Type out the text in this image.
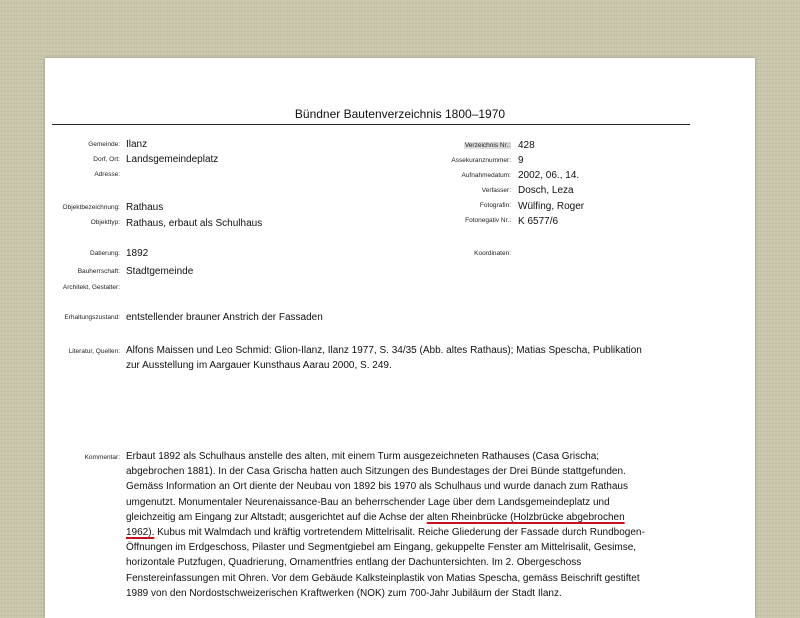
Bündner Bautenverzeichnis 1800–1970
Gemeinde: Ilanz
Dorf, Ort: Landsgemeindeplatz
Adresse:
Objektbezeichnung: Rathaus
Objekttyp: Rathaus, erbaut als Schulhaus
Datierung: 1892
Bauherrschaft: Stadtgemeinde
Architekt, Gestalter:
Erhaltungszustand: entstellender brauner Anstrich der Fassaden
Verzeichnis Nr.: 428
Assekuranznummer: 9
Aufnahmedatum: 2002, 06., 14.
Verfasser: Dosch, Leza
Fotografin: Wülfing, Roger
Fotonegativ Nr.: K 6577/6
Koordinaten:
Literatur, Quellen: Alfons Maissen und Leo Schmid: Glion-Ilanz, Ilanz 1977, S. 34/35 (Abb. altes Rathaus); Matias Spescha, Publikation
zur Ausstellung im Aargauer Kunsthaus Aarau 2000, S. 249.
Kommentar: Erbaut 1892 als Schulhaus anstelle des alten, mit einem Turm ausgezeichneten Rathauses (Casa Grischa;
abgebrochen 1881). In der Casa Grischa hatten auch Sitzungen des Bundestages der Drei Bünde stattgefunden.
Gemäss Information an Ort diente der Neubau von 1892 bis 1970 als Schulhaus und wurde danach zum Rathaus
umgenutzt. Monumentaler Neurenaissance-Bau an beherrschender Lage über dem Landsgemeindeplatz und
gleichzeitig am Eingang zur Altstadt; ausgerichtet auf die Achse der alten Rheinbrücke (Holzbrücke abgebrochen
1962). Kubus mit Walmdach und kräftig vortretendem Mittelrisalit. Reiche Gliederung der Fassade durch Rundbogen-
Öffnungen im Erdgeschoss, Pilaster und Segmentgiebel am Eingang, gekuppelte Fenster am Mittelrisalit, Gesimse,
horizontale Putzfugen, Quadrierung, Ornamentfries entlang der Dachuntersichten. Im 2. Obergeschoss
Fenstereinfassungen mit Ohren. Vor dem Gebäude Kalksteinplastik von Matias Spescha, gemäss Beischrift gestiftet
1989 von den Nordostschweizerischen Kraftwerken (NOK) zum 700-Jahr Jubiläum der Stadt Ilanz.
